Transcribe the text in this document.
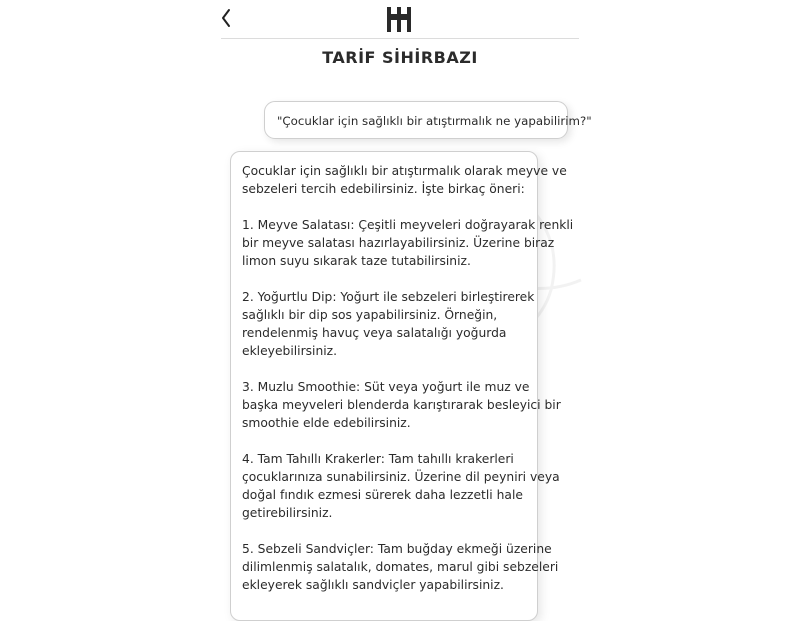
TARİF SİHİRBAZI
"Çocuklar için sağlıklı bir atıştırmalık ne yapabilirim?"
Çocuklar için sağlıklı bir atıştırmalık olarak meyve ve
sebzeleri tercih edebilirsiniz. İşte birkaç öneri:
1. Meyve Salatası: Çeşitli meyveleri doğrayarak renkli
bir meyve salatası hazırlayabilirsiniz. Üzerine biraz
limon suyu sıkarak taze tutabilirsiniz.
2. Yoğurtlu Dip: Yoğurt ile sebzeleri birleştirerek
sağlıklı bir dip sos yapabilirsiniz. Örneğin,
rendelenmiş havuç veya salatalığı yoğurda
ekleyebilirsiniz.
3. Muzlu Smoothie: Süt veya yoğurt ile muz ve
başka meyveleri blenderda karıştırarak besleyici bir
smoothie elde edebilirsiniz.
4. Tam Tahıllı Krakerler: Tam tahıllı krakerleri
çocuklarınıza sunabilirsiniz. Üzerine dil peyniri veya
doğal fındık ezmesi sürerek daha lezzetli hale
getirebilirsiniz.
5. Sebzeli Sandviçler: Tam buğday ekmeği üzerine
dilimlenmiş salatalık, domates, marul gibi sebzeleri
ekleyerek sağlıklı sandviçler yapabilirsiniz.
